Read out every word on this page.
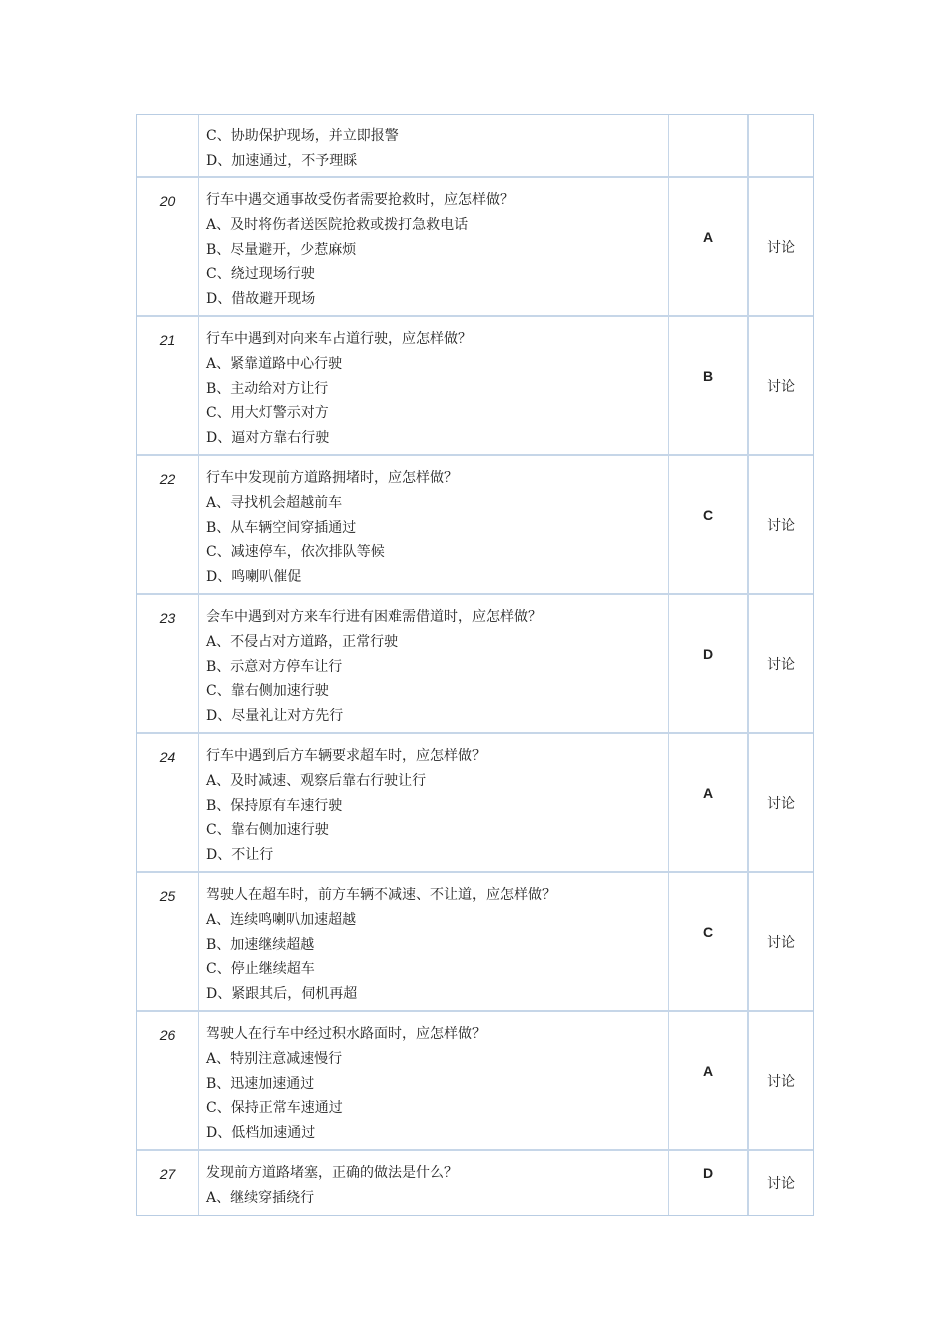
	C、协助保护现场，并立即报警
D、加速通过，不予理睬		

20	行车中遇交通事故受伤者需要抢救时，应怎样做？
A、及时将伤者送医院抢救或拨打急救电话
B、尽量避开，少惹麻烦
C、绕过现场行驶
D、借故避开现场	A	讨论
21	行车中遇到对向来车占道行驶，应怎样做？
A、紧靠道路中心行驶
B、主动给对方让行
C、用大灯警示对方
D、逼对方靠右行驶	B	讨论
22	行车中发现前方道路拥堵时，应怎样做？
A、寻找机会超越前车
B、从车辆空间穿插通过
C、减速停车，依次排队等候
D、鸣喇叭催促	C	讨论
23	会车中遇到对方来车行进有困难需借道时，应怎样做？
A、不侵占对方道路，正常行驶
B、示意对方停车让行
C、靠右侧加速行驶
D、尽量礼让对方先行	D	讨论
24	行车中遇到后方车辆要求超车时，应怎样做？
A、及时减速、观察后靠右行驶让行
B、保持原有车速行驶
C、靠右侧加速行驶
D、不让行	A	讨论
25	驾驶人在超车时，前方车辆不减速、不让道，应怎样做？
A、连续鸣喇叭加速超越
B、加速继续超越
C、停止继续超车
D、紧跟其后，伺机再超	C	讨论
26	驾驶人在行车中经过积水路面时，应怎样做？
A、特别注意减速慢行
B、迅速加速通过
C、保持正常车速通过
D、低档加速通过	A	讨论
27	发现前方道路堵塞，正确的做法是什么？
A、继续穿插绕行	D	讨论
